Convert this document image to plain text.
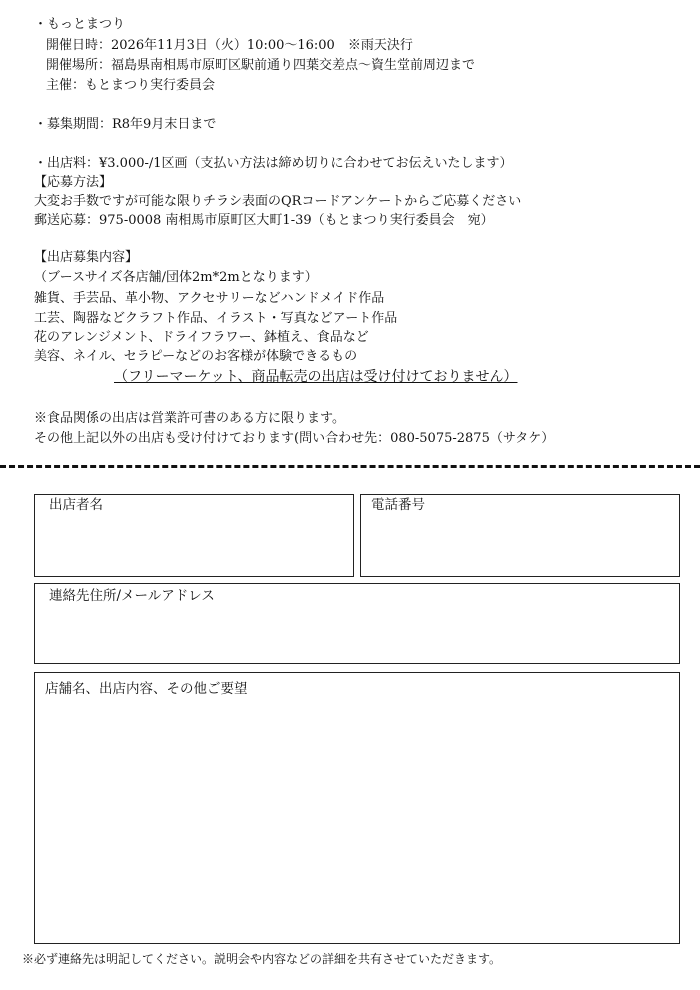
・もっとまつり
開催日時：2026年11月3日（火）10:00～16:00　※雨天決行
開催場所：福島県南相馬市原町区駅前通り四葉交差点～資生堂前周辺まで
主催：もとまつり実行委員会
・募集期間：R8年9月末日まで
・出店料：¥3.000-/1区画（支払い方法は締め切りに合わせてお伝えいたします）
【応募方法】
大変お手数ですが可能な限りチラシ表面のQRコードアンケートからご応募ください
郵送応募：975-0008 南相馬市原町区大町1-39（もとまつり実行委員会　宛）
【出店募集内容】
（ブースサイズ各店舗/団体2m*2mとなります）
雑貨、手芸品、革小物、アクセサリーなどハンドメイド作品
工芸、陶器などクラフト作品、イラスト・写真などアート作品
花のアレンジメント、ドライフラワー、鉢植え、食品など
美容、ネイル、セラピーなどのお客様が体験できるもの
（フリーマーケット、商品転売の出店は受け付けておりません）
※食品関係の出店は営業許可書のある方に限ります。
その他上記以外の出店も受け付けております(問い合わせ先：080-5075-2875（サタケ）
出店者名	電話番号
連絡先住所/メールアドレス
店舗名、出店内容、その他ご要望
※必ず連絡先は明記してください。説明会や内容などの詳細を共有させていただきます。
